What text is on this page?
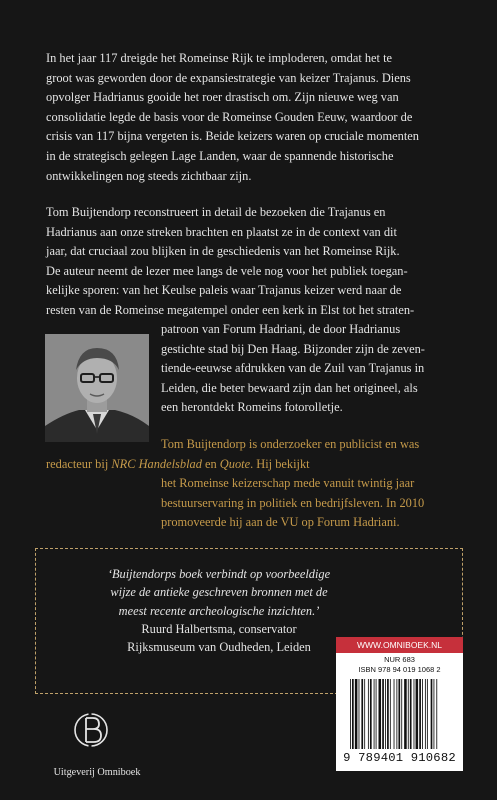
In het jaar 117 dreigde het Romeinse Rijk te imploderen, omdat het te
groot was geworden door de expansiestrategie van keizer Trajanus. Diens
opvolger Hadrianus gooide het roer drastisch om. Zijn nieuwe weg van
consolidatie legde de basis voor de Romeinse Gouden Eeuw, waardoor de
crisis van 117 bijna vergeten is. Beide keizers waren op cruciale momenten
in de strategisch gelegen Lage Landen, waar de spannende historische
ontwikkelingen nog steeds zichtbaar zijn.

Tom Buijtendorp reconstrueert in detail de bezoeken die Trajanus en
Hadrianus aan onze streken brachten en plaatst ze in de context van dit
jaar, dat cruciaal zou blijken in de geschiedenis van het Romeinse Rijk.
De auteur neemt de lezer mee langs de vele nog voor het publiek toegan-
kelijke sporen: van het Keulse paleis waar Trajanus keizer werd naar de
resten van de Romeinse megatempel onder een kerk in Elst tot het straten-

patroon van Forum Hadriani, de door Hadrianus
gestichte stad bij Den Haag. Bijzonder zijn de zeven-
tiende-eeuwse afdrukken van de Zuil van Trajanus in
Leiden, die beter bewaard zijn dan het origineel, als
een herontdekt Romeins fotorolletje.

Tom Buijtendorp is onderzoeker en publicist en was
redacteur bij NRC Handelsblad en Quote. Hij bekijkt
het Romeinse keizerschap mede vanuit twintig jaar
bestuurservaring in politiek en bedrijfsleven. In 2010
promoveerde hij aan de VU op Forum Hadriani.

‘Buijtendorps boek verbindt op voorbeeldige
wijze de antieke geschreven bronnen met de
meest recente archeologische inzichten.’
Ruurd Halbertsma, conservator
Rijksmuseum van Oudheden, Leiden	WWW.OMNIBOEK.NL
NUR 683
ISBN 978 94 019 1068 2
9 789401 910682
Uitgeverij Omniboek
